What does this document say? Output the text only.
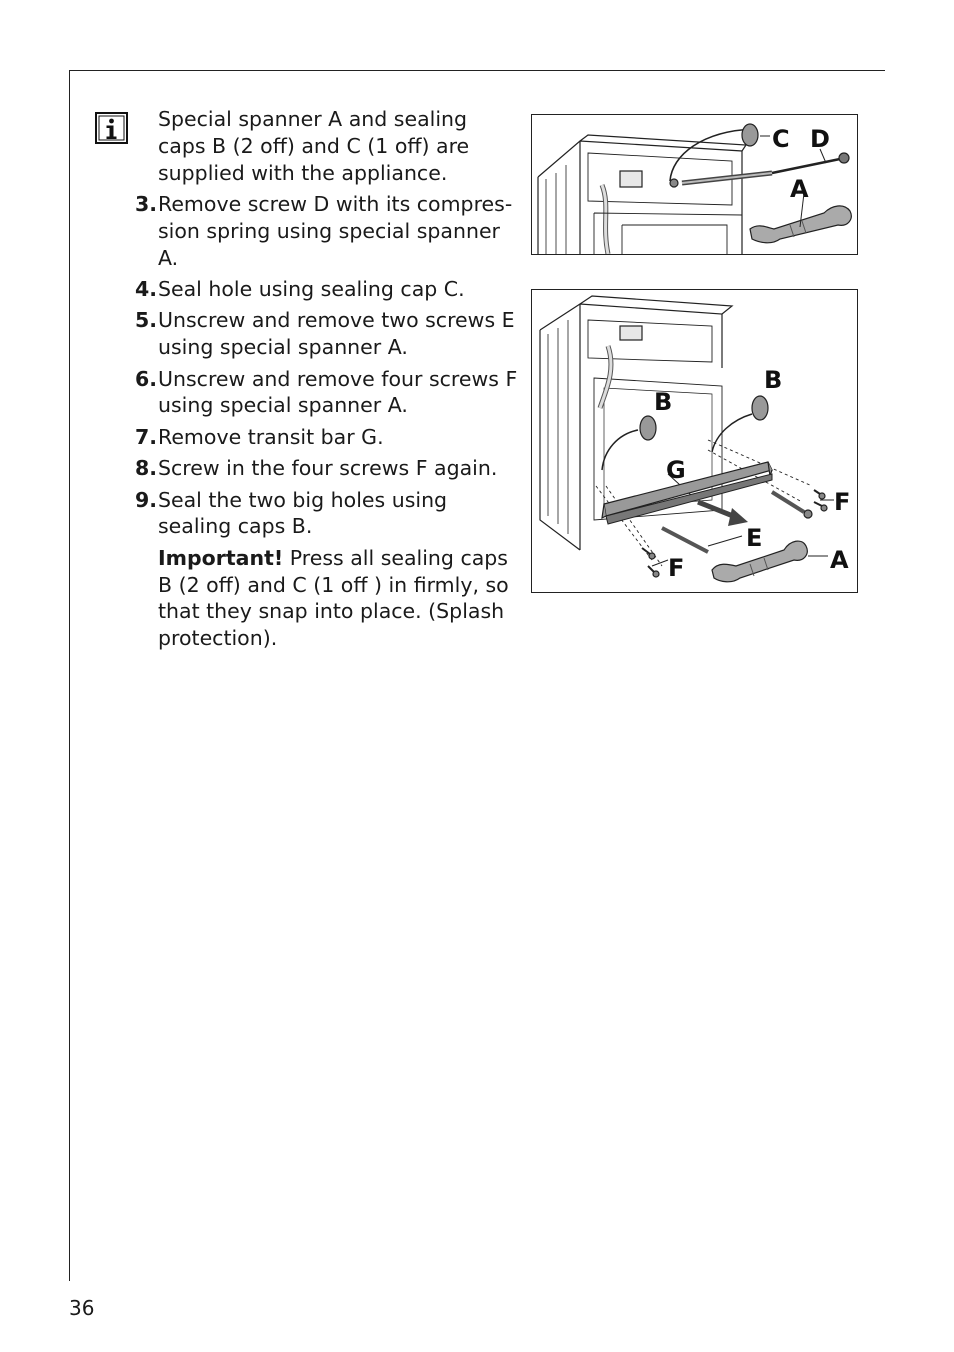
Special spanner A and sealing caps B (2 off) and C (1 off) are supplied with the appliance.

3. Remove screw D with its compres-sion spring using special spanner A.
4. Seal hole using sealing cap C.
5. Unscrew and remove two screws E using special spanner A.
6. Unscrew and remove four screws F using special spanner A.
7. Remove transit bar G.
8. Screw in the four screws F again.
9. Seal the two big holes using sealing caps B.

Important! Press all sealing caps B (2 off) and C (1 off ) in firmly, so that they snap into place. (Splash protection).

C D
A
B
B
G
F
E
A
F
36
